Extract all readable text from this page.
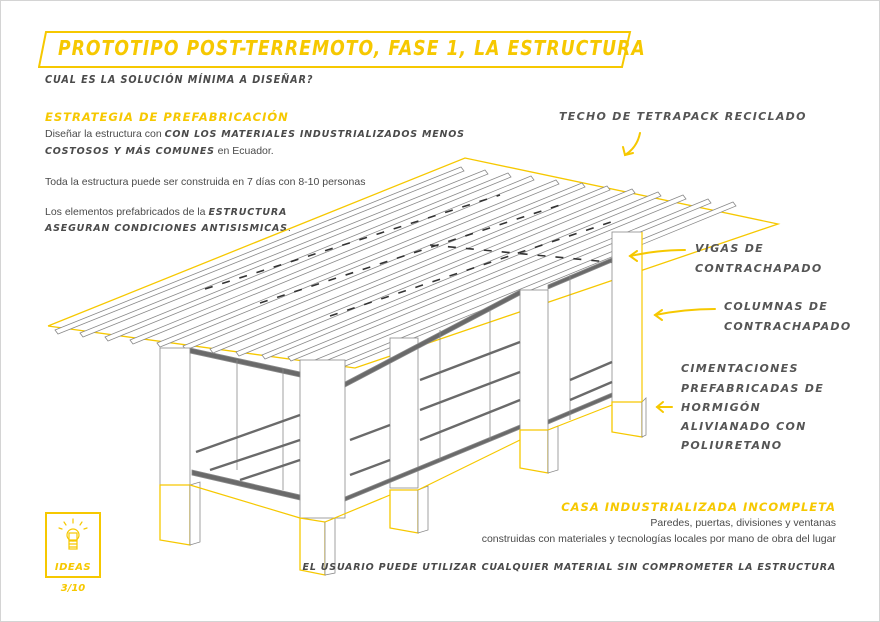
PROTOTIPO POST-TERREMOTO, FASE 1, LA ESTRUCTURA
CUAL ES LA SOLUCIÓN MÍNIMA A DISEÑAR?
ESTRATEGIA DE PREFABRICACIÓN
Diseñar la estructura con CON LOS MATERIALES INDUSTRIALIZADOS MENOS
COSTOSOS Y MÁS COMUNES en Ecuador.
Toda la estructura puede ser construida en 7 días con 8-10 personas
Los elementos prefabricados de la ESTRUCTURA
ASEGURAN CONDICIONES ANTISISMICAS.
TECHO DE TETRAPACK RECICLADO
VIGAS DE
CONTRACHAPADO
COLUMNAS DE
CONTRACHAPADO
CIMENTACIONES
PREFABRICADAS DE
HORMIGÓN
ALIVIANADO CON
POLIURETANO
CASA INDUSTRIALIZADA INCOMPLETA
Paredes, puertas, divisiones y ventanas
construidas con materiales y tecnologías locales por mano de obra del lugar
EL USUARIO PUEDE UTILIZAR CUALQUIER MATERIAL SIN COMPROMETER LA ESTRUCTURA
IDEAS
3/10
